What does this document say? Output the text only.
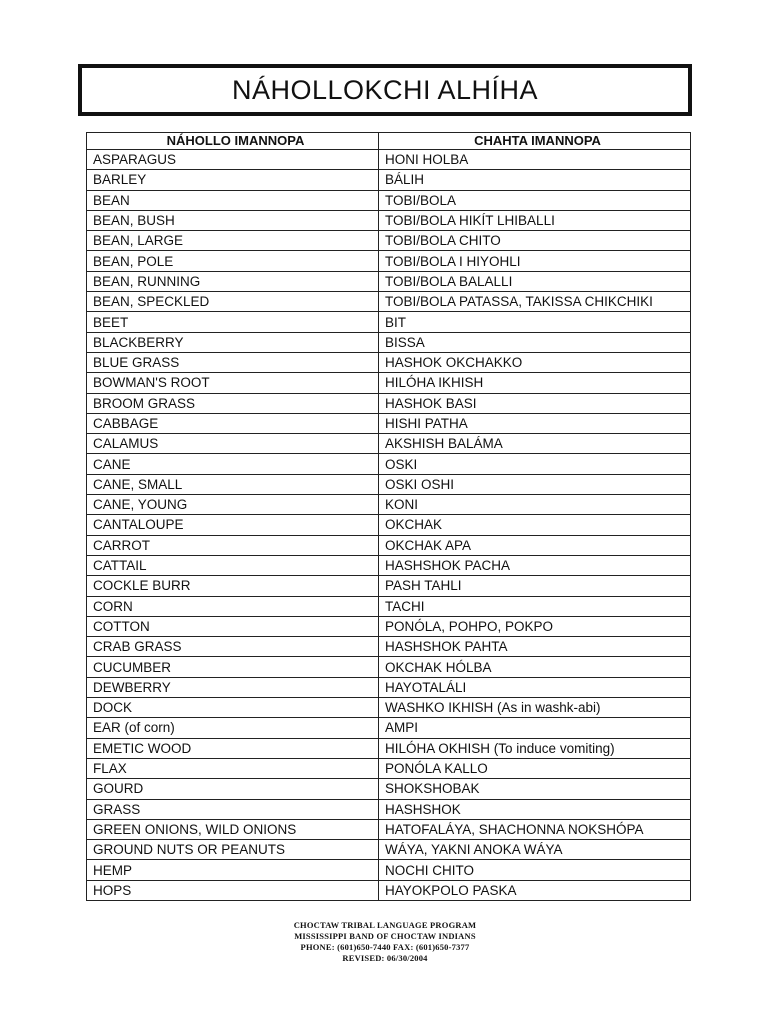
NÁHOLLOKCHI ALHÍHA
NÁHOLLO IMANNOPA	CHAHTA IMANNOPA
ASPARAGUS	HONI HOLBA
BARLEY	BÁLIH
BEAN	TOBI/BOLA
BEAN, BUSH	TOBI/BOLA HIKÍT LHIBALLI
BEAN, LARGE	TOBI/BOLA CHITO
BEAN, POLE	TOBI/BOLA I HIYOHLI
BEAN, RUNNING	TOBI/BOLA BALALLI
BEAN, SPECKLED	TOBI/BOLA PATASSA, TAKISSA CHIKCHIKI
BEET	BIT
BLACKBERRY	BISSA
BLUE GRASS	HASHOK OKCHAKKO
BOWMAN'S ROOT	HILÓHA IKHISH
BROOM GRASS	HASHOK BASI
CABBAGE	HISHI PATHA
CALAMUS	AKSHISH BALÁMA
CANE	OSKI
CANE, SMALL	OSKI OSHI
CANE, YOUNG	KONI
CANTALOUPE	OKCHAK
CARROT	OKCHAK APA
CATTAIL	HASHSHOK PACHA
COCKLE BURR	PASH TAHLI
CORN	TACHI
COTTON	PONÓLA, POHPO, POKPO
CRAB GRASS	HASHSHOK PAHTA
CUCUMBER	OKCHAK HÓLBA
DEWBERRY	HAYOTALÁLI
DOCK	WASHKO IKHISH (As in washk-abi)
EAR (of corn)	AMPI
EMETIC WOOD	HILÓHA OKHISH (To induce vomiting)
FLAX	PONÓLA KALLO
GOURD	SHOKSHOBAK
GRASS	HASHSHOK
GREEN ONIONS, WILD ONIONS	HATOFALÁYA, SHACHONNA NOKSHÓPA
GROUND NUTS OR PEANUTS	WÁYA, YAKNI ANOKA WÁYA
HEMP	NOCHI CHITO
HOPS	HAYOKPOLO PASKA
CHOCTAW TRIBAL LANGUAGE PROGRAM
MISSISSIPPI BAND OF CHOCTAW INDIANS
PHONE: (601)650-7440 FAX: (601)650-7377
REVISED: 06/30/2004
